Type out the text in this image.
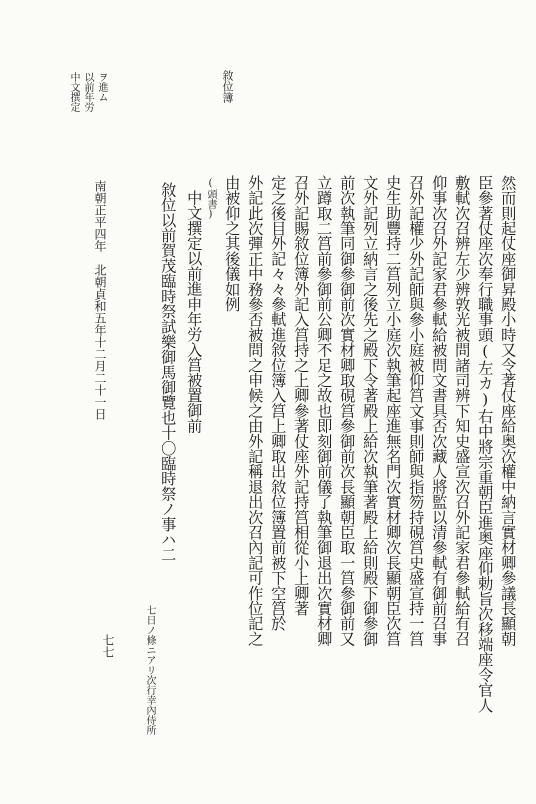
中文撰定 以前年労 ヲ進ム	敘位簿
然而則起仗座御昇殿小時又令著仗座給奥次權中納言實材卿參議長顯朝
臣參著仗座次奉行職事頭(左カ)右中將宗重朝臣進奥座仰勅旨次移端座令官人
敷軾次召辨左少辨敦光被問諸司辨下知史盛宣次召外記家君參軾給有召
仰事次召外記家君參軾給被問文書具否次藏人將監以清參軾有御前召事
召外記權少外記師與參小庭被仰筥文事則師與指笏持硯筥史盛宣持一筥
史生助豐持二筥列立小庭次執筆起座進無名門次實材卿次長顯朝臣次筥
文外記列立納言之後先之殿下令著殿上給次執筆著殿上給則殿下御參御
前次執筆同御參御前次實材卿取硯筥參御前次長顯朝臣取一筥參御前又
立蹲取二筥前參御前公卿不足之故也即刻御前儀了執筆御退出次實材卿
召外記賜敘位簿外記入筥持之上卿參著仗座外記持筥相從小上卿著
定之後目外記々々參軾進敘位簿入筥上卿取出敘位簿置前被下空筥於
外記此次彈正中務參否被問之申候之由外記稱退出次召內記可作位記之
由被仰之其後儀如例
(頭書)
中文撰定以前進申年労入筥被置御前
敘位以前賀茂臨時祭試樂御馬御覽也十〇臨時祭ノ事ハ二
七日ノ條ニアリ次行幸內侍所
南朝正平四年　北朝貞和五年十二月二十一日
七七
